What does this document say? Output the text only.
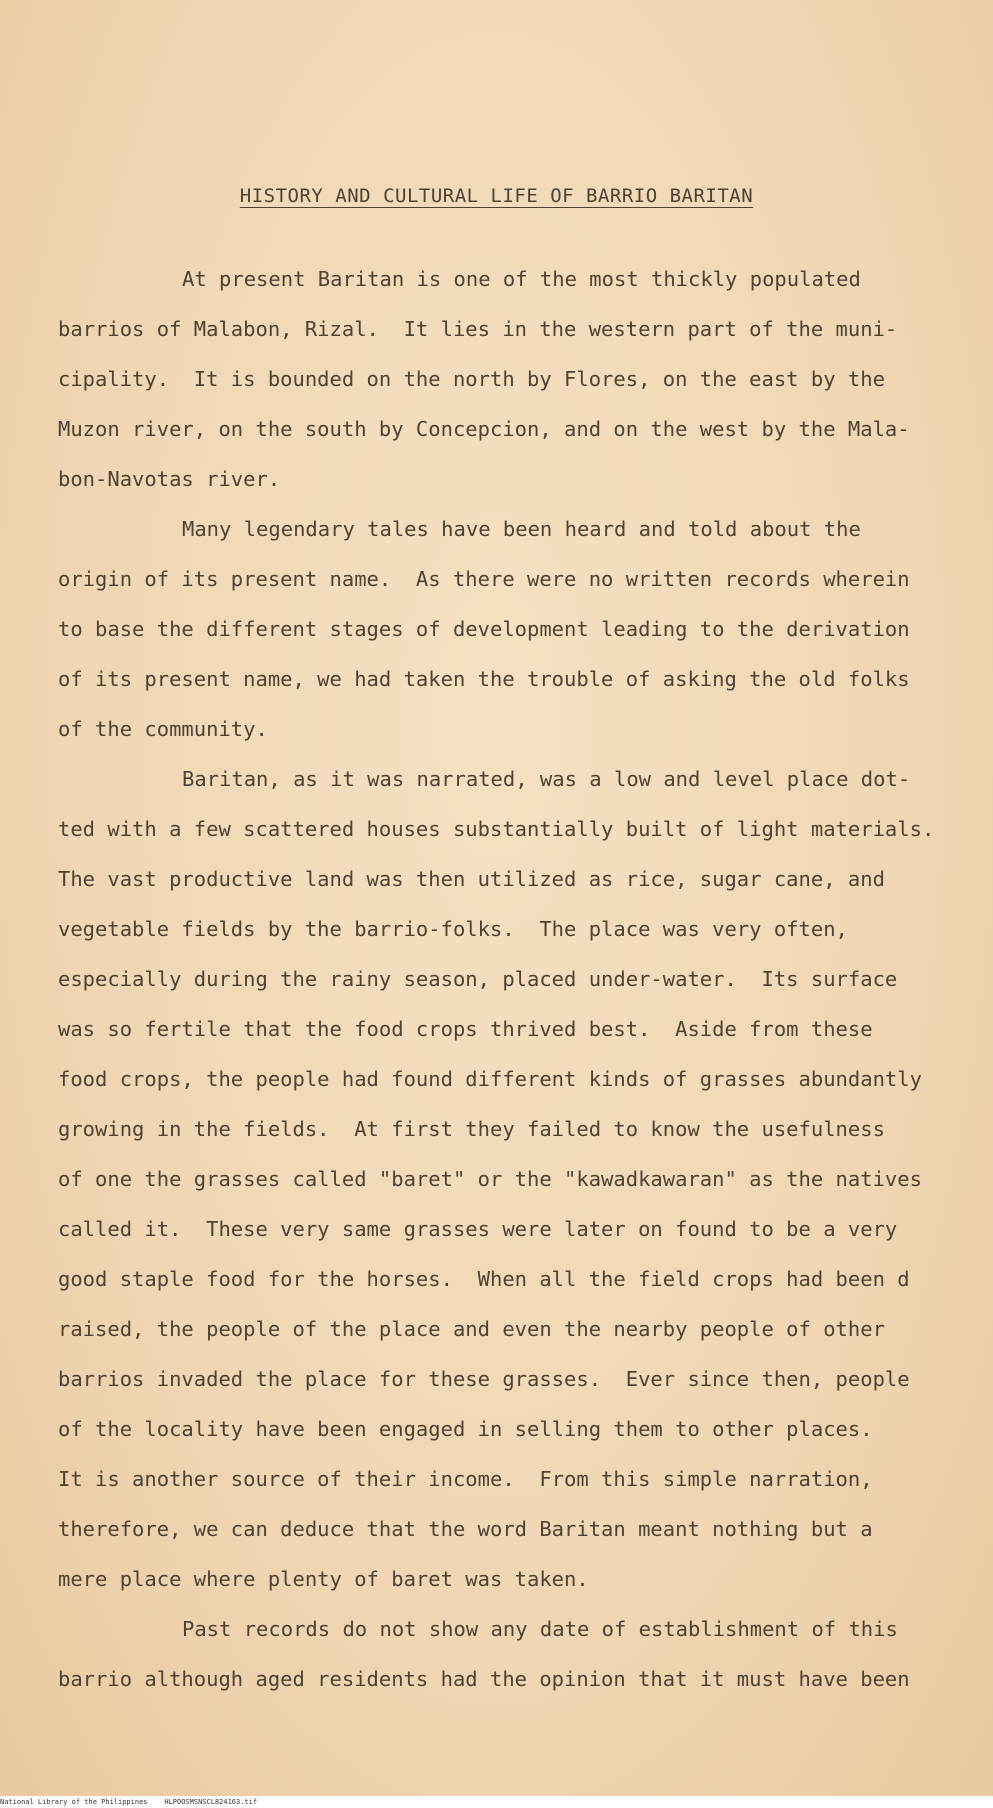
HISTORY AND CULTURAL LIFE OF BARRIO BARITAN
At present Baritan is one of the most thickly populated
barrios of Malabon, Rizal.  It lies in the western part of the muni-
cipality.  It is bounded on the north by Flores, on the east by the
Muzon river, on the south by Concepcion, and on the west by the Mala-
bon-Navotas river.
Many legendary tales have been heard and told about the
origin of its present name.  As there were no written records wherein
to base the different stages of development leading to the derivation
of its present name, we had taken the trouble of asking the old folks
of the community.
Baritan, as it was narrated, was a low and level place dot-
ted with a few scattered houses substantially built of light materials.
The vast productive land was then utilized as rice, sugar cane, and
vegetable fields by the barrio-folks.  The place was very often,
especially during the rainy season, placed under-water.  Its surface
was so fertile that the food crops thrived best.  Aside from these
food crops, the people had found different kinds of grasses abundantly
growing in the fields.  At first they failed to know the usefulness
of one the grasses called "baret" or the "kawadkawaran" as the natives
called it.  These very same grasses were later on found to be a very
good staple food for the horses.  When all the field crops had been d
raised, the people of the place and even the nearby people of other
barrios invaded the place for these grasses.  Ever since then, people
of the locality have been engaged in selling them to other places.
It is another source of their income.  From this simple narration,
therefore, we can deduce that the word Baritan meant nothing but a
mere place where plenty of baret was taken.
Past records do not show any date of establishment of this
barrio although aged residents had the opinion that it must have been
National Library of the Philippines    HLPOOSMSNSCL824163.tif
